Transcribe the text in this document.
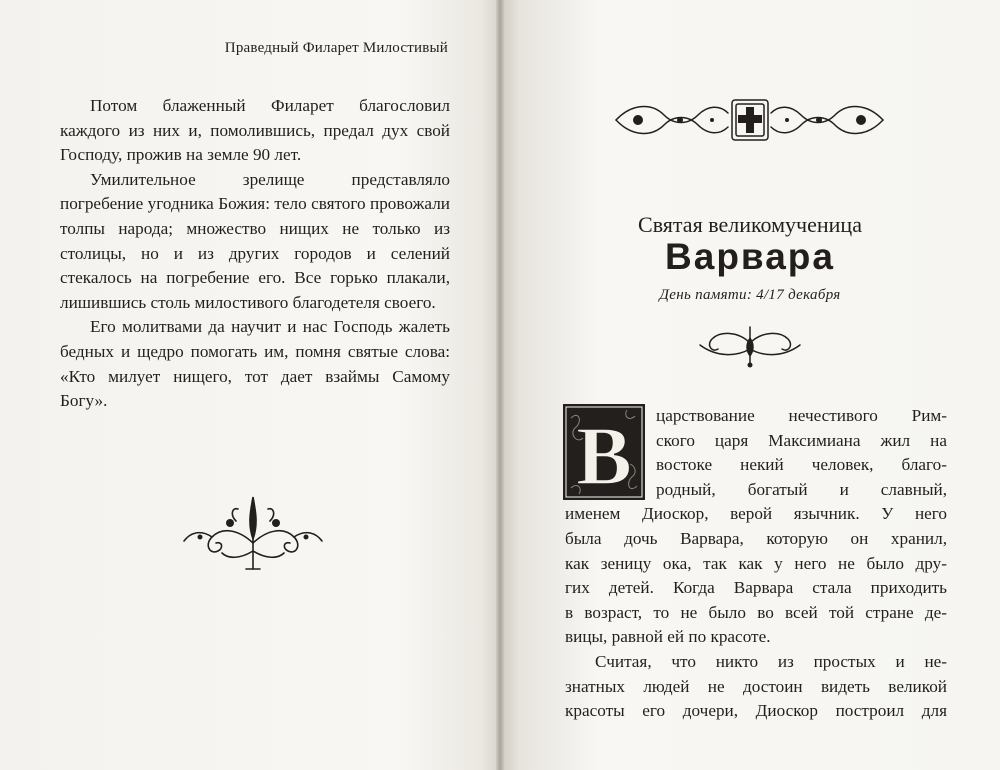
Праведный Филарет Милостивый

Потом блаженный Филарет благословил каждого из них и, помолившись, предал дух свой Господу, прожив на земле 90 лет.

Умилительное зрелище представляло погребение угодника Божия: тело святого провожали толпы народа; множество нищих не только из столицы, но и из других городов и селений стекалось на погребение его. Все горько плакали, лишившись столь милостивого благодетеля своего.

Его молитвами да научит и нас Господь жалеть бедных и щедро помогать им, помня святые слова: «Кто милует нищего, тот дает взаймы Самому Богу».

Святая великомученица
Варвара
День памяти: 4/17 декабря
В царствование нечестивого Рим-
ского царя Максимиана жил на
востоке некий человек, благо-
родный, богатый и славный,
именем Диоскор, верой язычник. У него
была дочь Варвара, которую он хранил,
как зеницу ока, так как у него не было дру-
гих детей. Когда Варвара стала приходить
в возраст, то не было во всей той стране де-
вицы, равной ей по красоте.
Считая, что никто из простых и не-
знатных людей не достоин видеть великой
красоты его дочери, Диоскор построил для
